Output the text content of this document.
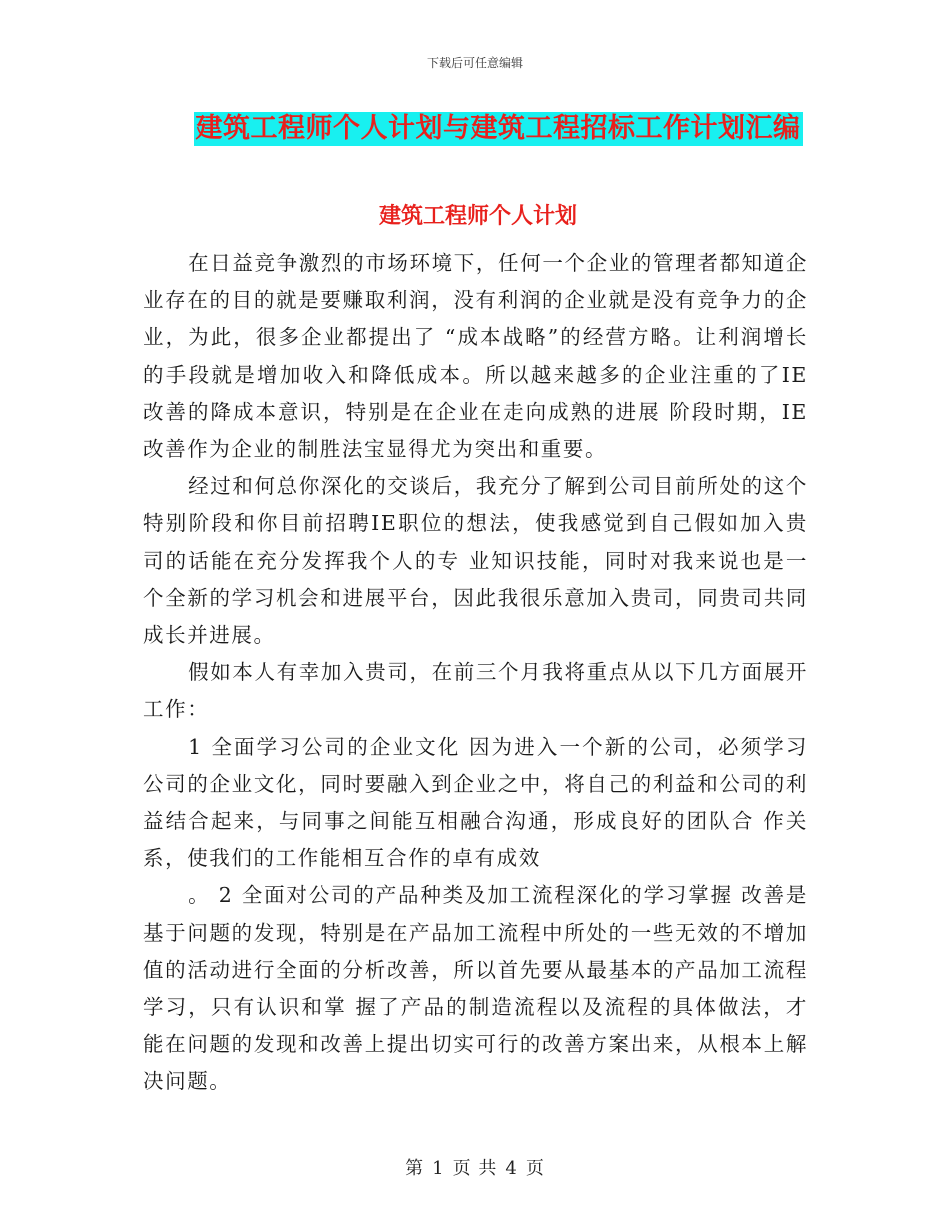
下载后可任意编辑
建筑工程师个人计划与建筑工程招标工作计划汇编
建筑工程师个人计划

在日益竞争激烈的市场环境下，任何一个企业的管理者都知道企业存在的目的就是要赚取利润，没有利润的企业就是没有竞争力的企业，为此，很多企业都提出了 “成本战略”的经营方略。让利润增长的手段就是增加收入和降低成本。所以越来越多的企业注重的了IE改善的降成本意识，特别是在企业在走向成熟的进展 阶段时期，IE改善作为企业的制胜法宝显得尤为突出和重要。

经过和何总你深化的交谈后，我充分了解到公司目前所处的这个特别阶段和你目前招聘IE职位的想法，使我感觉到自己假如加入贵司的话能在充分发挥我个人的专 业知识技能，同时对我来说也是一个全新的学习机会和进展平台，因此我很乐意加入贵司，同贵司共同成长并进展。

假如本人有幸加入贵司，在前三个月我将重点从以下几方面展开工作：

1 全面学习公司的企业文化 因为进入一个新的公司，必须学习公司的企业文化，同时要融入到企业之中，将自己的利益和公司的利益结合起来，与同事之间能互相融合沟通，形成良好的团队合 作关系，使我们的工作能相互合作的卓有成效

。 2 全面对公司的产品种类及加工流程深化的学习掌握 改善是基于问题的发现，特别是在产品加工流程中所处的一些无效的不增加值的活动进行全面的分析改善，所以首先要从最基本的产品加工流程学习，只有认识和掌 握了产品的制造流程以及流程的具体做法，才能在问题的发现和改善上提出切实可行的改善方案出来，从根本上解决问题。

第 1 页 共 4 页
